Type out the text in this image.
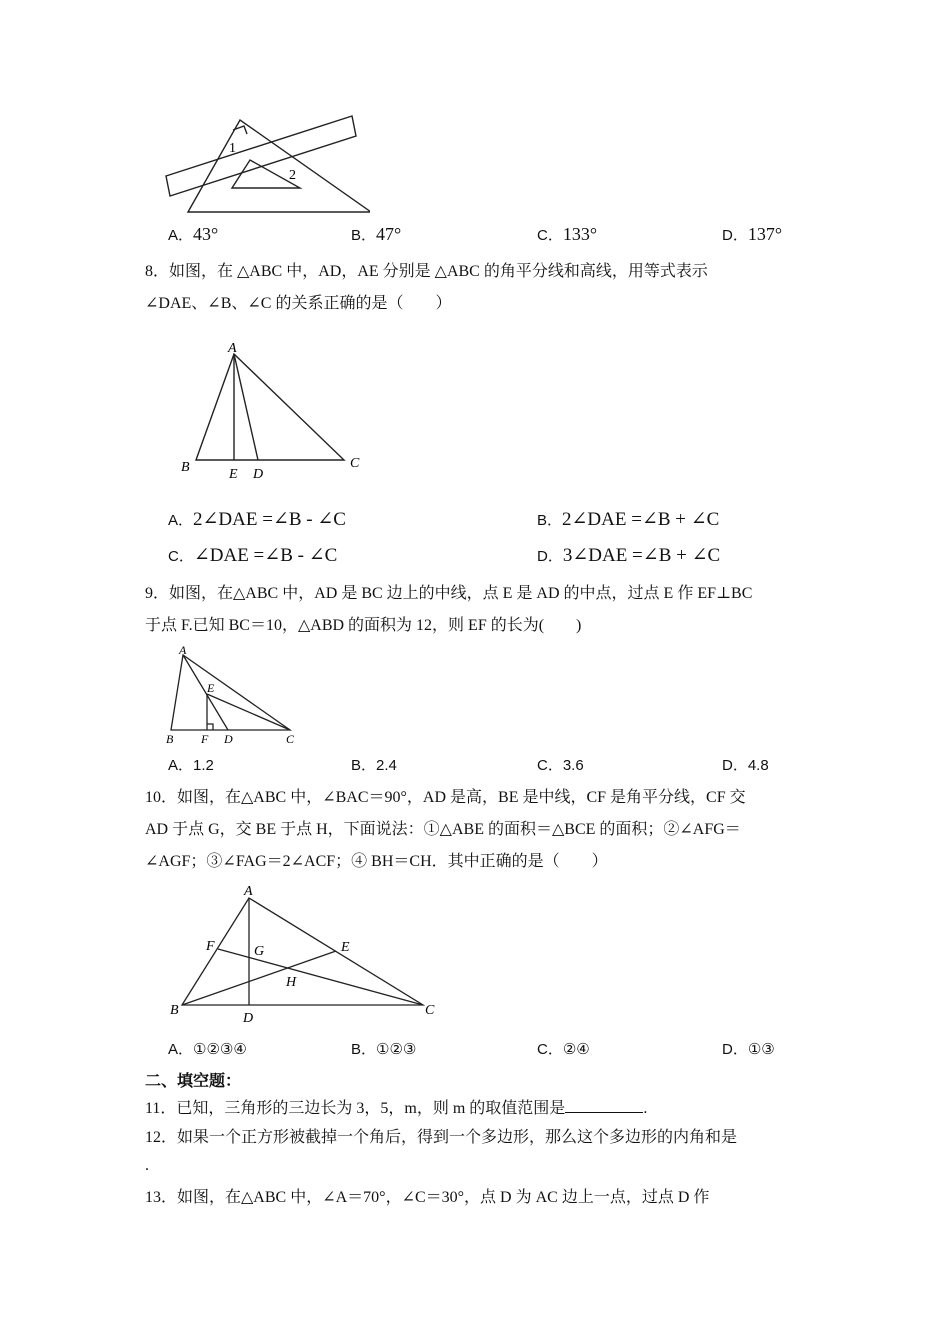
1
2
A．43°	B．47°	C．133°	D．137°
8．如图，在 △ABC 中，AD，AE 分别是 △ABC 的角平分线和高线，用等式表示
∠DAE、∠B、∠C 的关系正确的是（　　）
A
B	E D
C
A．2∠DAE =∠B - ∠C	B．2∠DAE =∠B + ∠C
C．∠DAE =∠B - ∠C	D．3∠DAE =∠B + ∠C
9．如图，在△ABC 中，AD 是 BC 边上的中线，点 E 是 AD 的中点，过点 E 作 EF⊥BC
于点 F.已知 BC＝10，△ABD 的面积为 12，则 EF 的长为(　　)
A
E
B F D	C
A．1.2	B．2.4	C．3.6	D．4.8
10．如图，在△ABC 中，∠BAC＝90°，AD 是高，BE 是中线，CF 是角平分线，CF 交
AD 于点 G，交 BE 于点 H，下面说法：①△ABE 的面积＝△BCE 的面积；②∠AFG＝
∠AGF；③∠FAG＝2∠ACF；④ BH＝CH．其中正确的是（　　）
A
F	G	E
H
B
D
C
A．①②③④	B．①②③	C．②④	D．①③
二、填空题：
11．已知，三角形的三边长为 3，5，m，则 m 的取值范围是	.
12．如果一个正方形被截掉一个角后，得到一个多边形，那么这个多边形的内角和是
.
13．如图，在△ABC 中，∠A＝70°，∠C＝30°，点 D 为 AC 边上一点，过点 D 作
